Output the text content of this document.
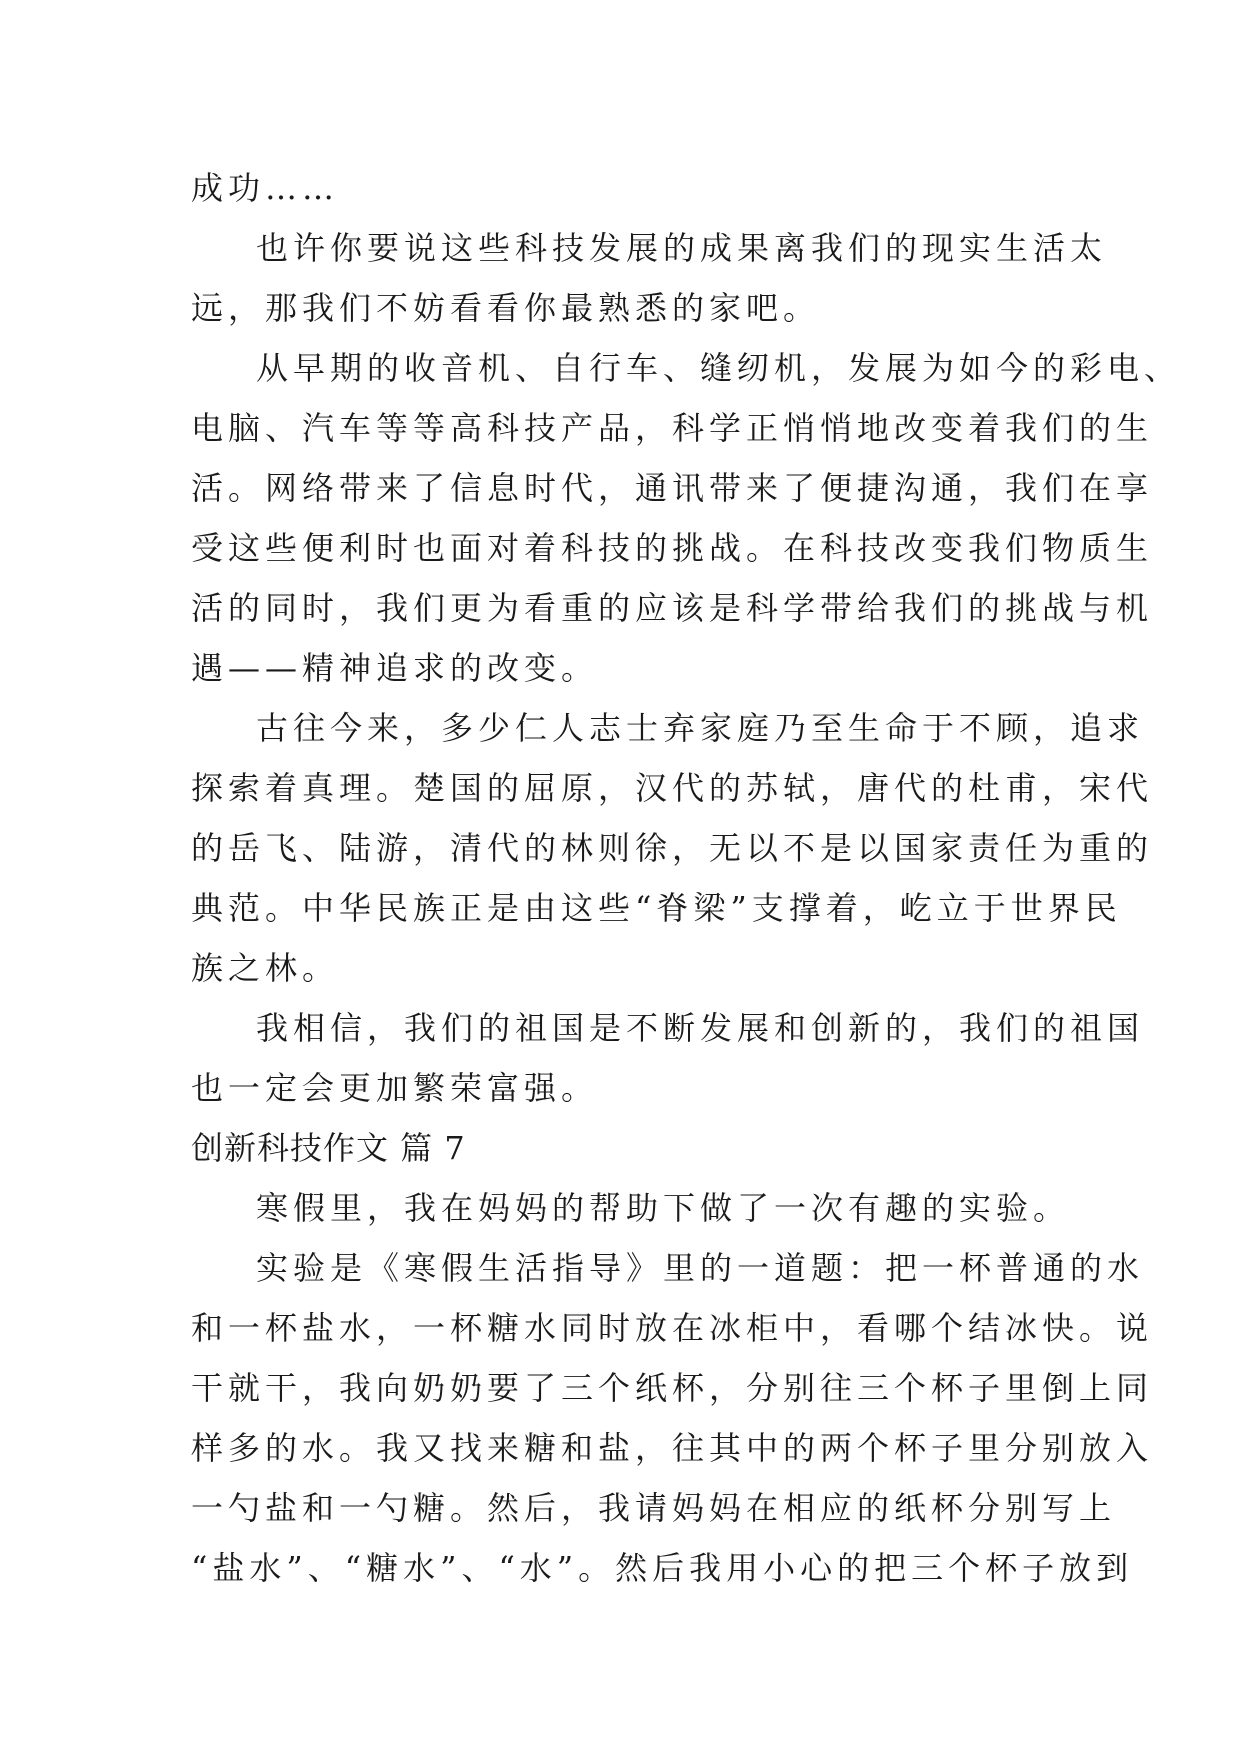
成功……

也许你要说这些科技发展的成果离我们的现实生活太

远，那我们不妨看看你最熟悉的家吧。

从早期的收音机、自行车、缝纫机，发展为如今的彩电、

电脑、汽车等等高科技产品，科学正悄悄地改变着我们的生

活。网络带来了信息时代，通讯带来了便捷沟通，我们在享

受这些便利时也面对着科技的挑战。在科技改变我们物质生

活的同时，我们更为看重的应该是科学带给我们的挑战与机

遇——精神追求的改变。

古往今来，多少仁人志士弃家庭乃至生命于不顾，追求

探索着真理。楚国的屈原，汉代的苏轼，唐代的杜甫，宋代

的岳飞、陆游，清代的林则徐，无以不是以国家责任为重的

典范。中华民族正是由这些“脊梁”支撑着，屹立于世界民

族之林。

我相信，我们的祖国是不断发展和创新的，我们的祖国

也一定会更加繁荣富强。

创新科技作文 篇 7

寒假里，我在妈妈的帮助下做了一次有趣的实验。

实验是《寒假生活指导》里的一道题：把一杯普通的水

和一杯盐水，一杯糖水同时放在冰柜中，看哪个结冰快。说

干就干，我向奶奶要了三个纸杯，分别往三个杯子里倒上同

样多的水。我又找来糖和盐，往其中的两个杯子里分别放入

一勺盐和一勺糖。然后，我请妈妈在相应的纸杯分别写上

“盐水”、“糖水”、“水”。然后我用小心的把三个杯子放到
